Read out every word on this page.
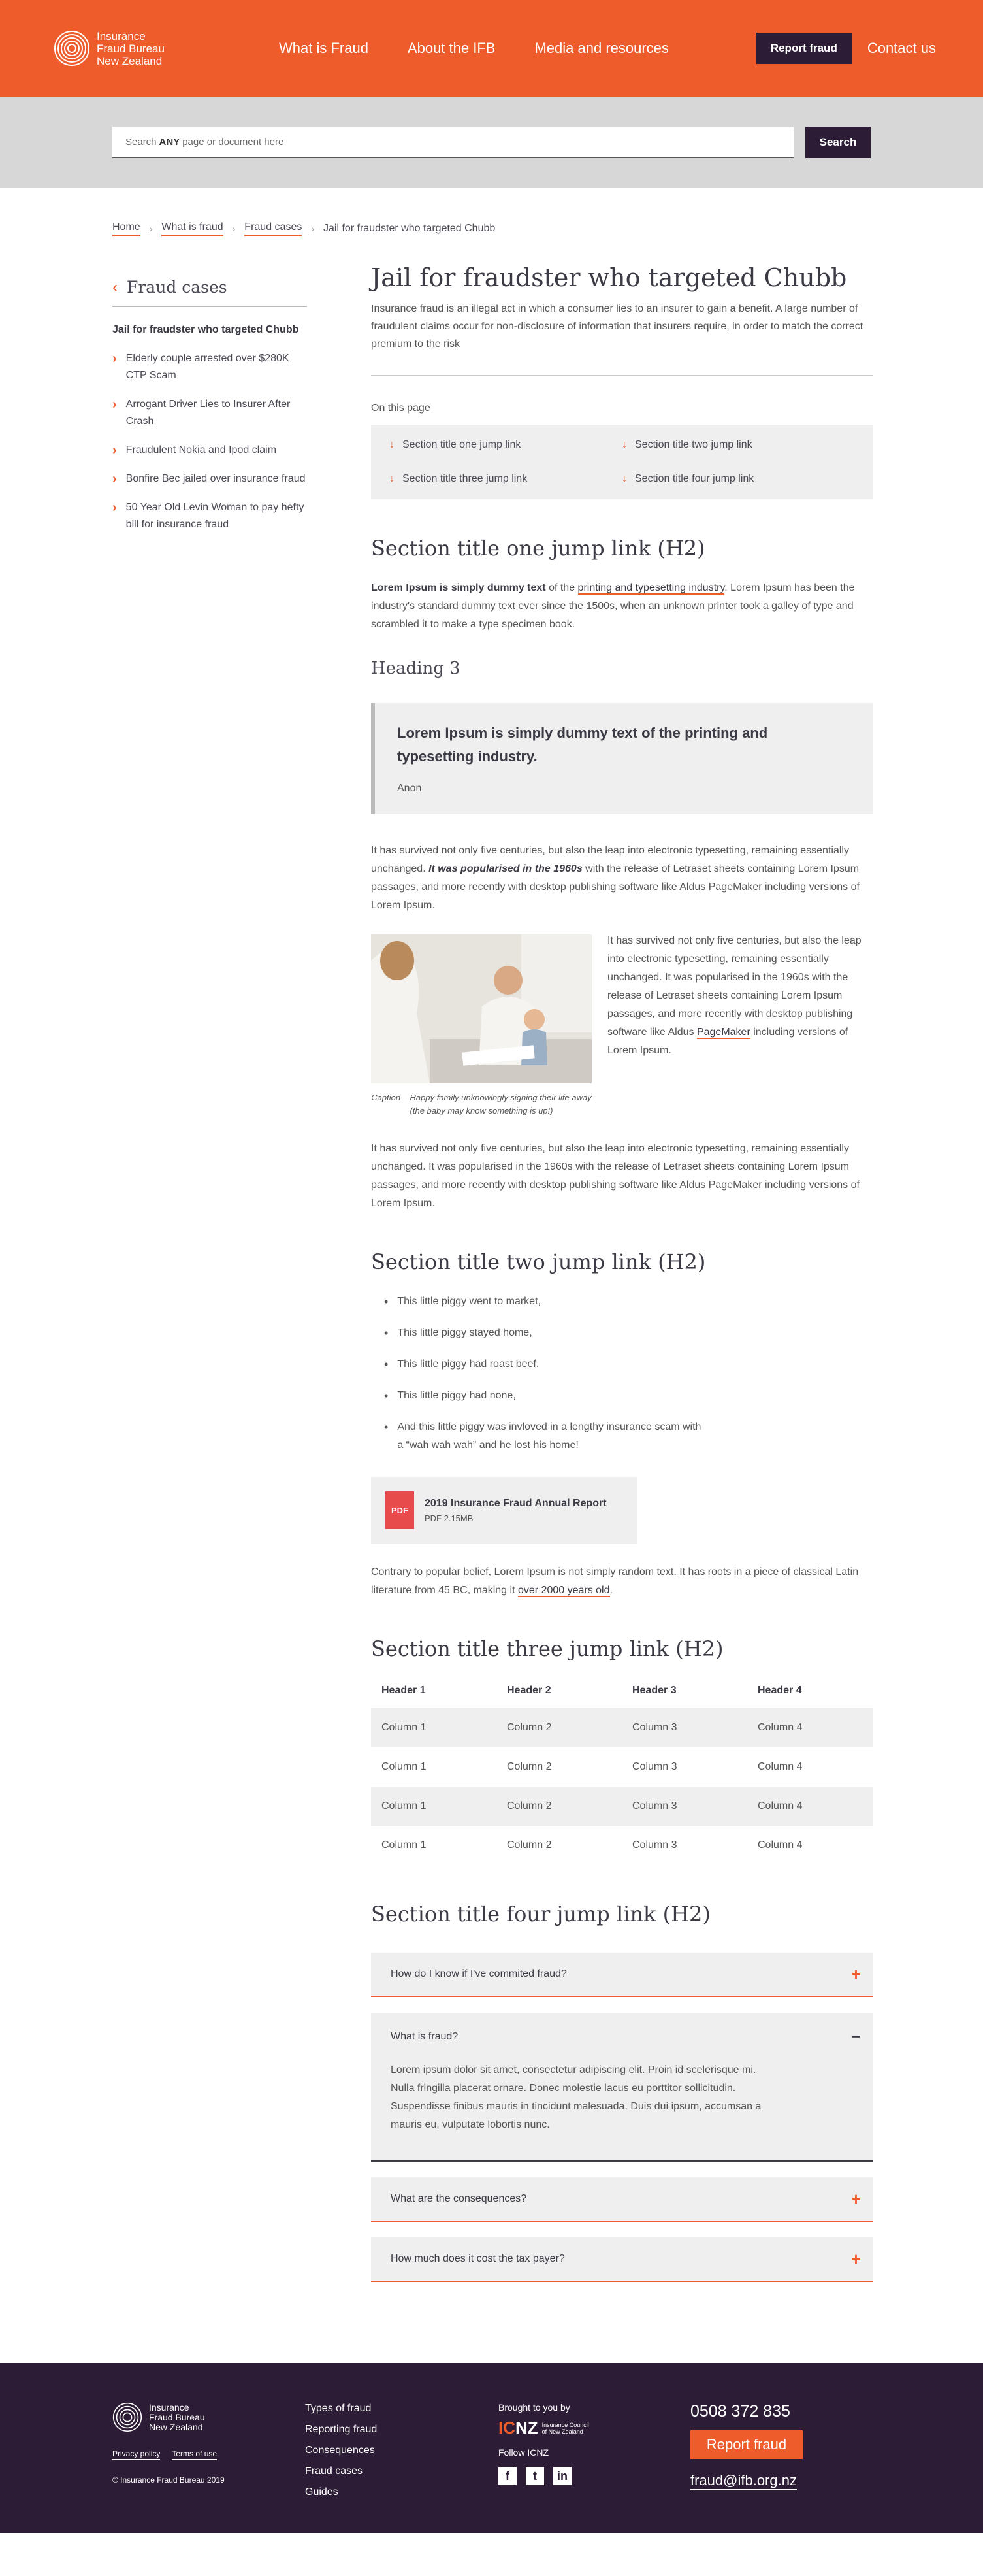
Insurance
Fraud Bureau
New Zealand
What is Fraud	About the IFB	Media and resources	Report fraud	Contact us
Search ANY page or document here	Search
Home › What is fraud › Fraud cases › Jail for fraudster who targeted Chubb
‹ Fraud cases
Jail for fraudster who targeted Chubb
› Elderly couple arrested over $280K CTP Scam
› Arrogant Driver Lies to Insurer After Crash
› Fraudulent Nokia and Ipod claim
› Bonfire Bec jailed over insurance fraud
› 50 Year Old Levin Woman to pay hefty bill for insurance fraud
Jail for fraudster who targeted Chubb

Insurance fraud is an illegal act in which a consumer lies to an insurer to gain a benefit. A large number of fraudulent claims occur for non-disclosure of information that insurers require, in order to match the correct premium to the risk

On this page
↓ Section title one jump link	↓ Section title two jump link
↓ Section title three jump link	↓ Section title four jump link
Section title one jump link (H2)

Lorem Ipsum is simply dummy text of the printing and typesetting industry. Lorem Ipsum has been the industry's standard dummy text ever since the 1500s, when an unknown printer took a galley of type and scrambled it to make a type specimen book.

Heading 3
Lorem Ipsum is simply dummy text of the printing and typesetting industry.
Anon

It has survived not only five centuries, but also the leap into electronic typesetting, remaining essentially unchanged. It was popularised in the 1960s with the release of Letraset sheets containing Lorem Ipsum passages, and more recently with desktop publishing software like Aldus PageMaker including versions of Lorem Ipsum.

Caption – Happy family unknowingly signing their life away (the baby may know something is up!)

It has survived not only five centuries, but also the leap into electronic typesetting, remaining essentially unchanged. It was popularised in the 1960s with the release of Letraset sheets containing Lorem Ipsum passages, and more recently with desktop publishing software like Aldus PageMaker including versions of Lorem Ipsum.

It has survived not only five centuries, but also the leap into electronic typesetting, remaining essentially unchanged. It was popularised in the 1960s with the release of Letraset sheets containing Lorem Ipsum passages, and more recently with desktop publishing software like Aldus PageMaker including versions of Lorem Ipsum.

Section title two jump link (H2)
• This little piggy went to market,
• This little piggy stayed home,
• This little piggy had roast beef,
• This little piggy had none,
• And this little piggy was invloved in a lengthy insurance scam with a “wah wah wah” and he lost his home!
PDF
2019 Insurance Fraud Annual Report
PDF 2.15MB

Contrary to popular belief, Lorem Ipsum is not simply random text. It has roots in a piece of classical Latin literature from 45 BC, making it over 2000 years old.

Section title three jump link (H2)
Header 1	Header 2	Header 3	Header 4
Column 1	Column 2	Column 3	Column 4
Column 1	Column 2	Column 3	Column 4
Column 1	Column 2	Column 3	Column 4
Column 1	Column 2	Column 3	Column 4
Section title four jump link (H2)
How do I know if I've commited fraud?	+
What is fraud?	−
Lorem ipsum dolor sit amet, consectetur adipiscing elit. Proin id scelerisque mi. Nulla fringilla placerat ornare. Donec molestie lacus eu porttitor sollicitudin. Suspendisse finibus mauris in tincidunt malesuada. Duis dui ipsum, accumsan a mauris eu, vulputate lobortis nunc.
What are the consequences?	+
How much does it cost the tax payer?	+
Insurance
Fraud Bureau
New Zealand
Privacy policy Terms of use
© Insurance Fraud Bureau 2019
Types of fraud
Reporting fraud
Consequences
Fraud cases
Guides
Brought to you by
ICNZ Insurance Council
of New Zealand
Follow ICNZ
f	t	in
0508 372 835
Report fraud
fraud@ifb.org.nz
